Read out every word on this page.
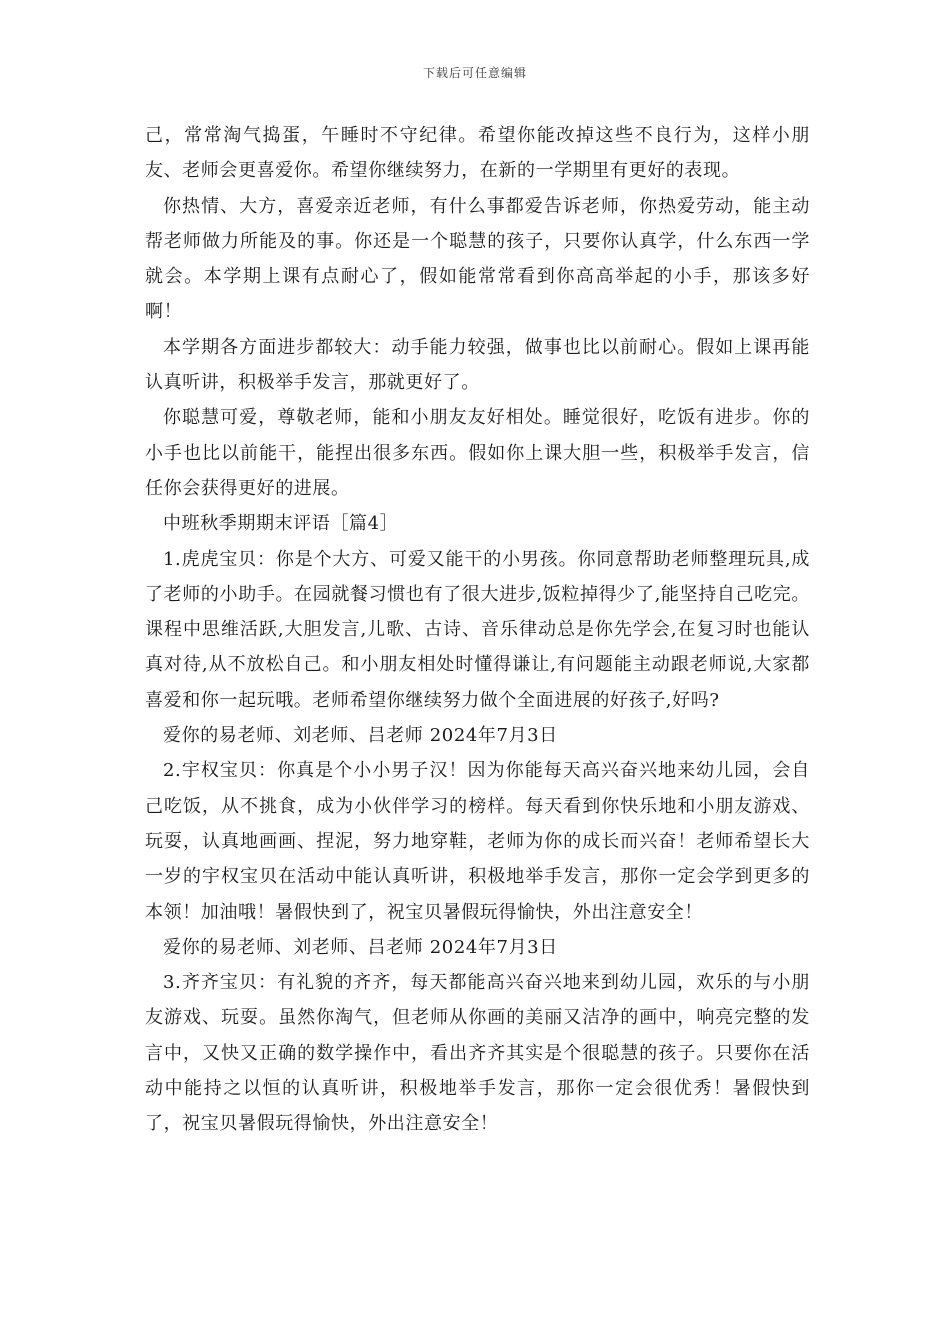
下载后可任意编辑

己，常常淘气捣蛋，午睡时不守纪律。希望你能改掉这些不良行为，这样小朋友、老师会更喜爱你。希望你继续努力，在新的一学期里有更好的表现。

你热情、大方，喜爱亲近老师，有什么事都爱告诉老师，你热爱劳动，能主动帮老师做力所能及的事。你还是一个聪慧的孩子，只要你认真学，什么东西一学就会。本学期上课有点耐心了，假如能常常看到你高高举起的小手，那该多好啊！

本学期各方面进步都较大：动手能力较强，做事也比以前耐心。假如上课再能认真听讲，积极举手发言，那就更好了。

你聪慧可爱，尊敬老师，能和小朋友友好相处。睡觉很好，吃饭有进步。你的小手也比以前能干，能捏出很多东西。假如你上课大胆一些，积极举手发言，信任你会获得更好的进展。

中班秋季期期末评语［篇4］

1.虎虎宝贝：你是个大方、可爱又能干的小男孩。你同意帮助老师整理玩具,成了老师的小助手。在园就餐习惯也有了很大进步,饭粒掉得少了,能坚持自己吃完。课程中思维活跃,大胆发言,儿歌、古诗、音乐律动总是你先学会,在复习时也能认真对待,从不放松自己。和小朋友相处时懂得谦让,有问题能主动跟老师说,大家都喜爱和你一起玩哦。老师希望你继续努力做个全面进展的好孩子,好吗?

爱你的易老师、刘老师、吕老师 2024年7月3日

2.宇权宝贝：你真是个小小男子汉！因为你能每天高兴奋兴地来幼儿园，会自己吃饭，从不挑食，成为小伙伴学习的榜样。每天看到你快乐地和小朋友游戏、玩耍，认真地画画、捏泥，努力地穿鞋，老师为你的成长而兴奋！老师希望长大一岁的宇权宝贝在活动中能认真听讲，积极地举手发言，那你一定会学到更多的本领！加油哦！暑假快到了，祝宝贝暑假玩得愉快，外出注意安全！

爱你的易老师、刘老师、吕老师 2024年7月3日

3.齐齐宝贝：有礼貌的齐齐，每天都能高兴奋兴地来到幼儿园，欢乐的与小朋友游戏、玩耍。虽然你淘气，但老师从你画的美丽又洁净的画中，响亮完整的发言中，又快又正确的数学操作中，看出齐齐其实是个很聪慧的孩子。只要你在活动中能持之以恒的认真听讲，积极地举手发言，那你一定会很优秀！暑假快到了，祝宝贝暑假玩得愉快，外出注意安全！
